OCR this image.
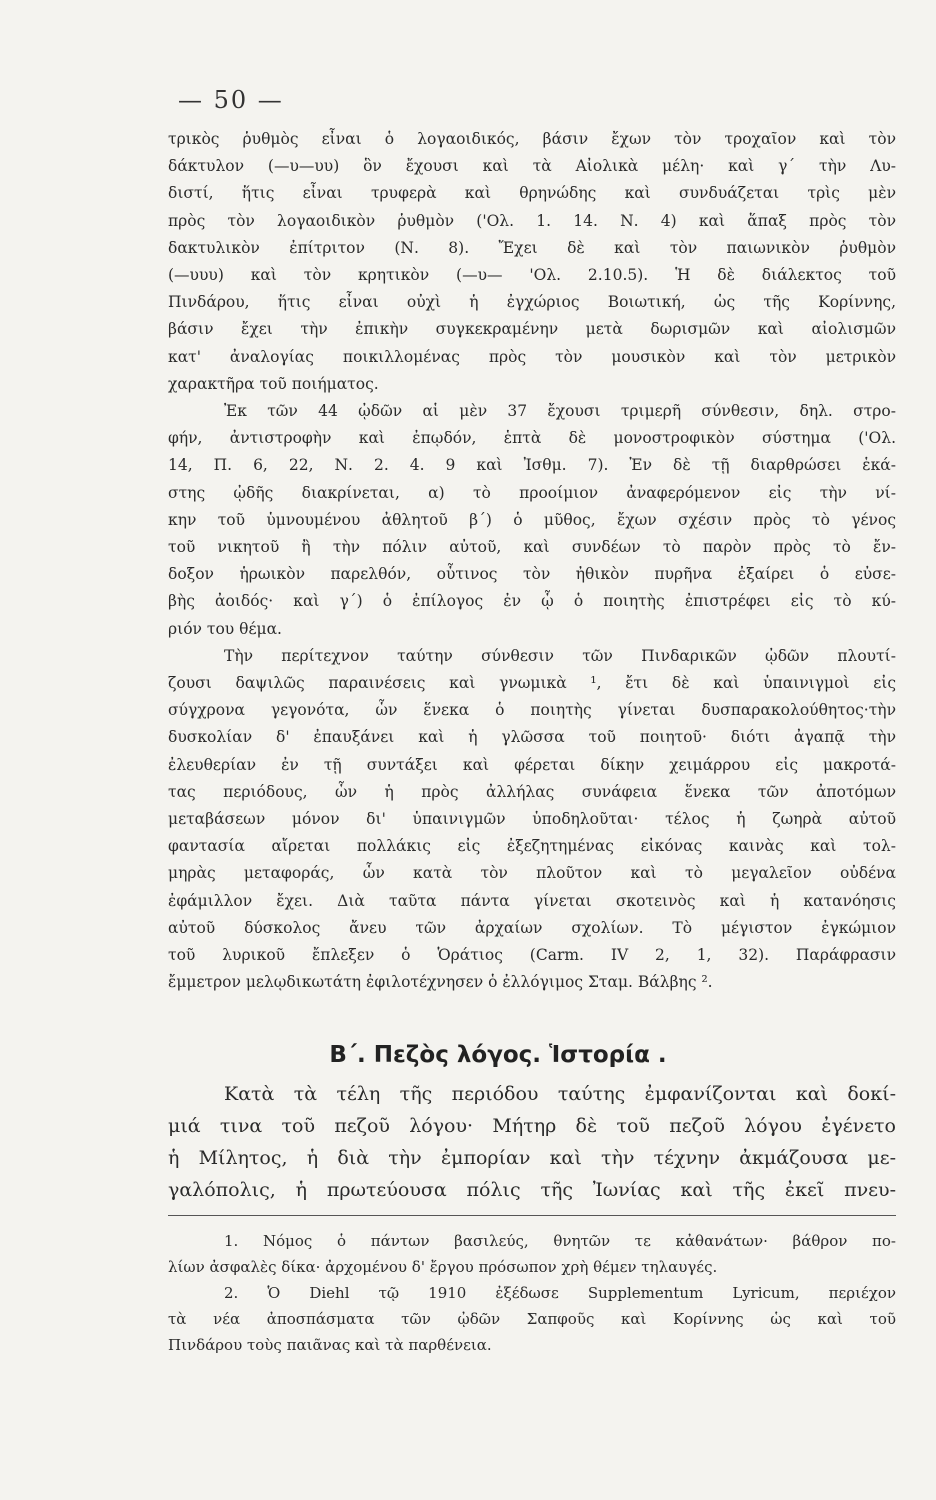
— 50 —
τρικὸς ῥυθμὸς εἶναι ὁ λογαοιδικός, βάσιν ἔχων τὸν τροχαῖον καὶ τὸν
δάκτυλον (—υ—υυ) ὃν ἔχουσι καὶ τὰ Αἰολικὰ μέλη· καὶ γ΄ τὴν Λυ-
διστί, ἥτις εἶναι τρυφερὰ καὶ θρηνώδης καὶ συνδυάζεται τρὶς μὲν
πρὸς τὸν λογαοιδικὸν ῥυθμὸν ('Ολ. 1. 14. Ν. 4) καὶ ἅπαξ πρὸς τὸν
δακτυλικὸν ἐπίτριτον (Ν. 8). Ἔχει δὲ καὶ τὸν παιωνικὸν ῥυθμὸν
(—υυυ) καὶ τὸν κρητικὸν (—υ— 'Ολ. 2.10.5). Ἡ δὲ διάλεκτος τοῦ
Πινδάρου, ἥτις εἶναι οὐχὶ ἡ ἐγχώριος Βοιωτική, ὡς τῆς Κορίννης,
βάσιν ἔχει τὴν ἐπικὴν συγκεκραμένην μετὰ δωρισμῶν καὶ αἰολισμῶν
κατ' ἀναλογίας ποικιλλομένας πρὸς τὸν μουσικὸν καὶ τὸν μετρικὸν
χαρακτῆρα τοῦ ποιήματος.
Ἐκ τῶν 44 ᾠδῶν αἱ μὲν 37 ἔχουσι τριμερῆ σύνθεσιν, δηλ. στρο-
φήν, ἀντιστροφὴν καὶ ἐπῳδόν, ἑπτὰ δὲ μονοστροφικὸν σύστημα ('Ολ.
14, Π. 6, 22, Ν. 2. 4. 9 καὶ Ἰσθμ. 7). Ἐν δὲ τῇ διαρθρώσει ἑκά-
στης ᾠδῆς διακρίνεται, α) τὸ προοίμιον ἀναφερόμενον εἰς τὴν νί-
κην τοῦ ὑμνουμένου ἀθλητοῦ β΄) ὁ μῦθος, ἔχων σχέσιν πρὸς τὸ γένος
τοῦ νικητοῦ ἢ τὴν πόλιν αὐτοῦ, καὶ συνδέων τὸ παρὸν πρὸς τὸ ἔν-
δοξον ἡρωικὸν παρελθόν, οὗτινος τὸν ἠθικὸν πυρῆνα ἐξαίρει ὁ εὐσε-
βὴς ἀοιδός· καὶ γ΄) ὁ ἐπίλογος ἐν ᾧ ὁ ποιητὴς ἐπιστρέφει εἰς τὸ κύ-
ριόν του θέμα.
Τὴν περίτεχνον ταύτην σύνθεσιν τῶν Πινδαρικῶν ᾠδῶν πλουτί-
ζουσι δαψιλῶς παραινέσεις καὶ γνωμικὰ ¹, ἔτι δὲ καὶ ὑπαινιγμοὶ εἰς
σύγχρονα γεγονότα, ὧν ἕνεκα ὁ ποιητὴς γίνεται δυσπαρακολούθητος·τὴν
δυσκολίαν δ' ἐπαυξάνει καὶ ἡ γλῶσσα τοῦ ποιητοῦ· διότι ἀγαπᾷ τὴν
ἐλευθερίαν ἐν τῇ συντάξει καὶ φέρεται δίκην χειμάρρου εἰς μακροτά-
τας περιόδους, ὧν ἡ πρὸς ἀλλήλας συνάφεια ἕνεκα τῶν ἀποτόμων
μεταβάσεων μόνον δι' ὑπαινιγμῶν ὑποδηλοῦται· τέλος ἡ ζωηρὰ αὐτοῦ
φαντασία αἴρεται πολλάκις εἰς ἐξεζητημένας εἰκόνας καινὰς καὶ τολ-
μηρὰς μεταφοράς, ὧν κατὰ τὸν πλοῦτον καὶ τὸ μεγαλεῖον οὐδένα
ἐφάμιλλον ἔχει. Διὰ ταῦτα πάντα γίνεται σκοτεινὸς καὶ ἡ κατανόησις
αὐτοῦ δύσκολος ἄνευ τῶν ἀρχαίων σχολίων. Τὸ μέγιστον ἐγκώμιον
τοῦ λυρικοῦ ἔπλεξεν ὁ Ὁράτιος (Carm. IV 2, 1, 32). Παράφρασιν
ἔμμετρον μελῳδικωτάτη ἐφιλοτέχνησεν ὁ ἐλλόγιμος Σταμ. Βάλβης ².
Β΄. Πεζὸς λόγος. Ἱστορία .
Κατὰ τὰ τέλη τῆς περιόδου ταύτης ἐμφανίζονται καὶ δοκί-
μιά τινα τοῦ πεζοῦ λόγου· Μήτηρ δὲ τοῦ πεζοῦ λόγου ἐγένετο
ἡ Μίλητος, ἡ διὰ τὴν ἐμπορίαν καὶ τὴν τέχνην ἀκμάζουσα με-
γαλόπολις, ἡ πρωτεύουσα πόλις τῆς Ἰωνίας καὶ τῆς ἐκεῖ πνευ-
1. Νόμος ὁ πάντων βασιλεύς, θνητῶν τε κἀθανάτων· βάθρον πο-
λίων ἀσφαλὲς δίκα· ἀρχομένου δ' ἔργου πρόσωπον χρὴ θέμεν τηλαυγές.
2. Ὁ Diehl τῷ 1910 ἐξέδωσε Supplementum Lyricum, περιέχον
τὰ νέα ἀποσπάσματα τῶν ᾠδῶν Σαπφοῦς καὶ Κορίννης ὡς καὶ τοῦ
Πινδάρου τοὺς παιᾶνας καὶ τὰ παρθένεια.
